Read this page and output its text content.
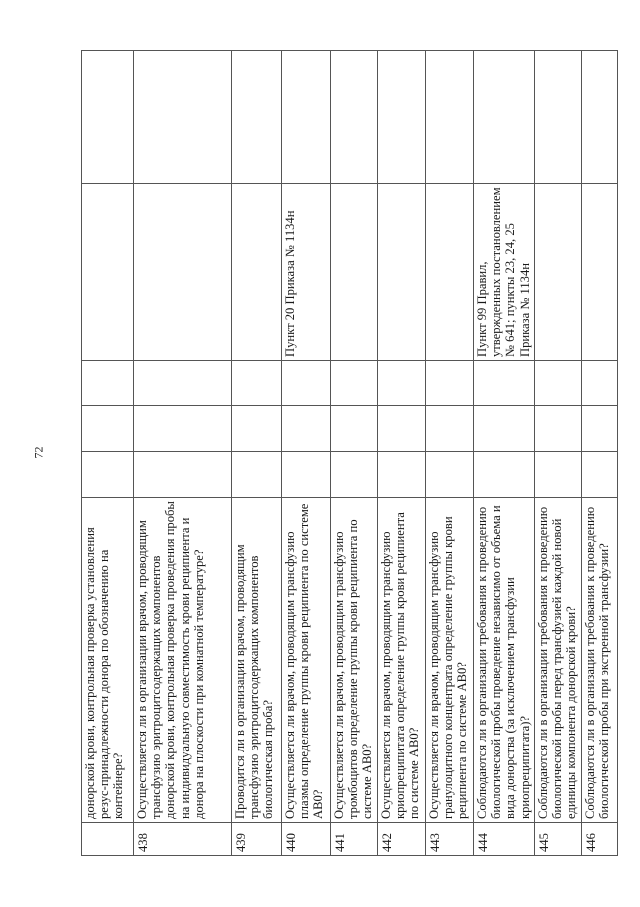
72
	донорской крови, контрольная проверка установления резус-принадлежности донора по обозначению на контейнере?					
438	Осуществляется ли в организации врачом, проводящим трансфузию эритроцитсодержащих компонентов донорской крови, контрольная проверка проведения пробы на индивидуальную совместимость крови реципиента и донора на плоскости при комнатной температуре?					
439	Проводится ли в организации врачом, проводящим трансфузию эритроцитсодержащих компонентов биологическая проба?					
440	Осуществляется ли врачом, проводящим трансфузию плазмы определение группы крови реципиента по системе АВ0?				Пункт 20 Приказа № 1134н	
441	Осуществляется ли врачом, проводящим трансфузию тромбоцитов определение группы крови реципиента по системе АВ0?					
442	Осуществляется ли врачом, проводящим трансфузию криопреципитата определение группы крови реципиента по системе АВ0?					
443	Осуществляется ли врачом, проводящим трансфузию гранулоцитного концентрата определение группы крови реципиента по системе АВ0?					
444	Соблюдаются ли в организации требования к проведению биологической пробы проведение независимо от объема и вида донорства (за исключением трансфузии криопреципитата)?				Пункт 99 Правил, утвержденных постановлением № 641; пункты 23, 24, 25 Приказа № 1134н	
445	Соблюдаются ли в организации требования к проведению биологической пробы перед трансфузией каждой новой единицы компонента донорской крови?					
446	Соблюдаются ли в организации требования к проведению биологической пробы при экстренной трансфузии?					
